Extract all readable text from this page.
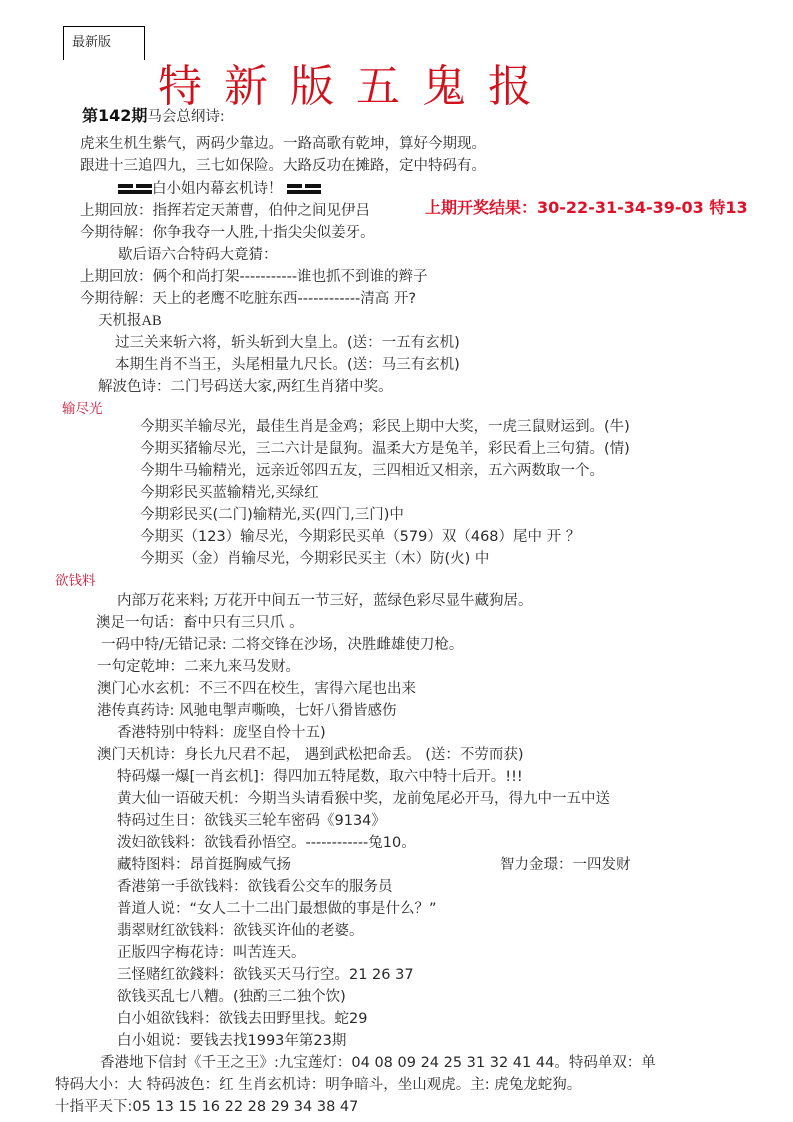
最新版
特新版五鬼报
第142期马会总纲诗:
虎来生机生紫气，两码少靠边。一路高歌有乾坤，算好今期现。
跟进十三追四九，三七如保险。大路反功在摊路，定中特码有。
白小姐内幕玄机诗！
上期回放：指挥若定天萧曹，伯仲之间见伊吕	上期开奖结果：30-22-31-34-39-03 特13
今期待解：你争我夺一人胜,十指尖尖似姜牙。
歇后语六合特码大竟猜：
上期回放：俩个和尚打架-----------谁也抓不到谁的辫子
今期待解：天上的老鹰不吃脏东西------------清高 开?
天机报AB
过三关来斩六将，斩头斩到大皇上。(送：一五有玄机)
本期生肖不当王，头尾相量九尺长。(送：马三有玄机)
解波色诗：二门号码送大家,两红生肖猪中奖。
输尽光
今期买羊输尽光，最佳生肖是金鸡；彩民上期中大奖，一虎三鼠财运到。(牛)
今期买猪输尽光，三二六计是鼠狗。温柔大方是兔羊，彩民看上三句猜。(情)
今期牛马输精光，远亲近邻四五友，三四相近又相亲，五六两数取一个。
今期彩民买蓝输精光,买绿红
今期彩民买(二门)输精光,买(四门,三门)中
今期买（123）输尽光，今期彩民买单（579）双（468）尾中 开 ？
今期买（金）肖输尽光，今期彩民买主（木）防(火) 中
欲钱料
内部万花来料; 万花开中间五一节三好，蓝绿色彩尽显牛藏狗居。
澳足一句话：畜中只有三只爪 。
一码中特/无错记录: 二将交锋在沙场，决胜雌雄使刀枪。
一句定乾坤：二来九来马发财。
澳门心水玄机：不三不四在校生，害得六尾也出来
港传真药诗: 风驰电掣声嘶唤，七奸八猾皆感伤
香港特别中特料：庞坚自怜十五)
澳门天机诗：身长九尺君不起， 遇到武松把命丢。 (送：不劳而获)
特码爆一爆[一肖玄机]：得四加五特尾数，取六中特十后开。!!!
黄大仙一语破天机：今期当头请看猴中奖，龙前兔尾必开马，得九中一五中送
特码过生日：欲钱买三轮车密码《9134》
泼妇欲钱料：欲钱看孙悟空。------------兔10。
藏特图料：昂首挺胸威气扬	智力金璟：一四发财
香港第一手欲钱料：欲钱看公交车的服务员
普道人说：“女人二十二出门最想做的事是什么？”
翡翠财红欲钱料：欲钱买许仙的老婆。
正版四字梅花诗：叫苦连天。
三怪赌红欲錢料：欲钱买天马行空。21 26 37
欲钱买乱七八糟。(独酌三二独个饮)
白小姐欲钱料：欲钱去田野里找。蛇29
白小姐说：要钱去找1993年第23期
香港地下信封《千王之王》:九宝莲灯：04 08 09 24 25 31 32 41 44。特码单双：单
特码大小：大 特码波色：红 生肖玄机诗：明争暗斗，坐山观虎。主: 虎兔龙蛇狗。
十指平天下:05 13 15 16 22 28 29 34 38 47
